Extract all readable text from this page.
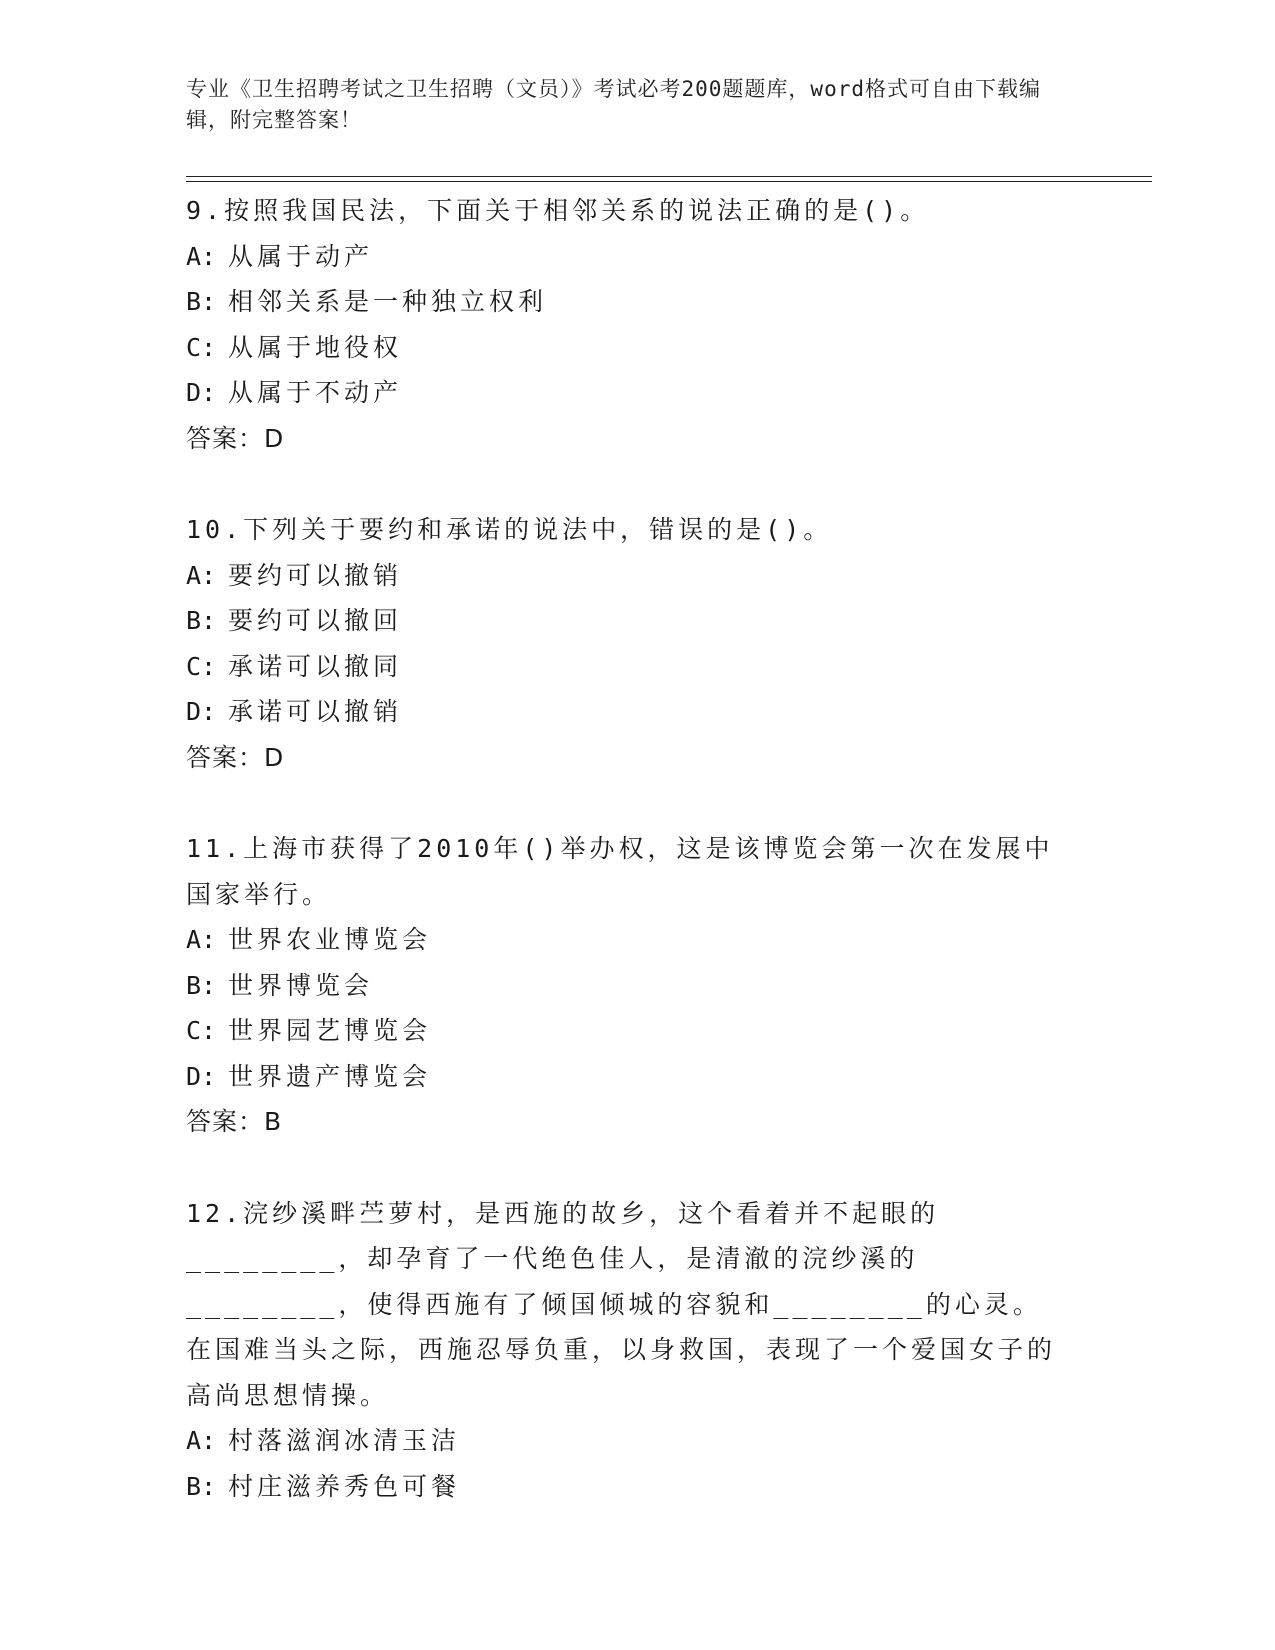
专业《卫生招聘考试之卫生招聘（文员）》考试必考200题题库，word格式可自由下载编辑，附完整答案！

9.按照我国民法，下面关于相邻关系的说法正确的是()。

A: 从属于动产

B: 相邻关系是一种独立权利

C: 从属于地役权

D: 从属于不动产

答案：D

10.下列关于要约和承诺的说法中，错误的是()。

A: 要约可以撤销

B: 要约可以撤回

C: 承诺可以撤同

D: 承诺可以撤销

答案：D

11.上海市获得了2010年()举办权，这是该博览会第一次在发展中国家举行。

A: 世界农业博览会

B: 世界博览会

C: 世界园艺博览会

D: 世界遗产博览会

答案：B

12.浣纱溪畔苎萝村，是西施的故乡，这个看着并不起眼的________，却孕育了一代绝色佳人，是清澈的浣纱溪的________，使得西施有了倾国倾城的容貌和________的心灵。在国难当头之际，西施忍辱负重，以身救国，表现了一个爱国女子的高尚思想情操。

A: 村落滋润冰清玉洁

B: 村庄滋养秀色可餐
